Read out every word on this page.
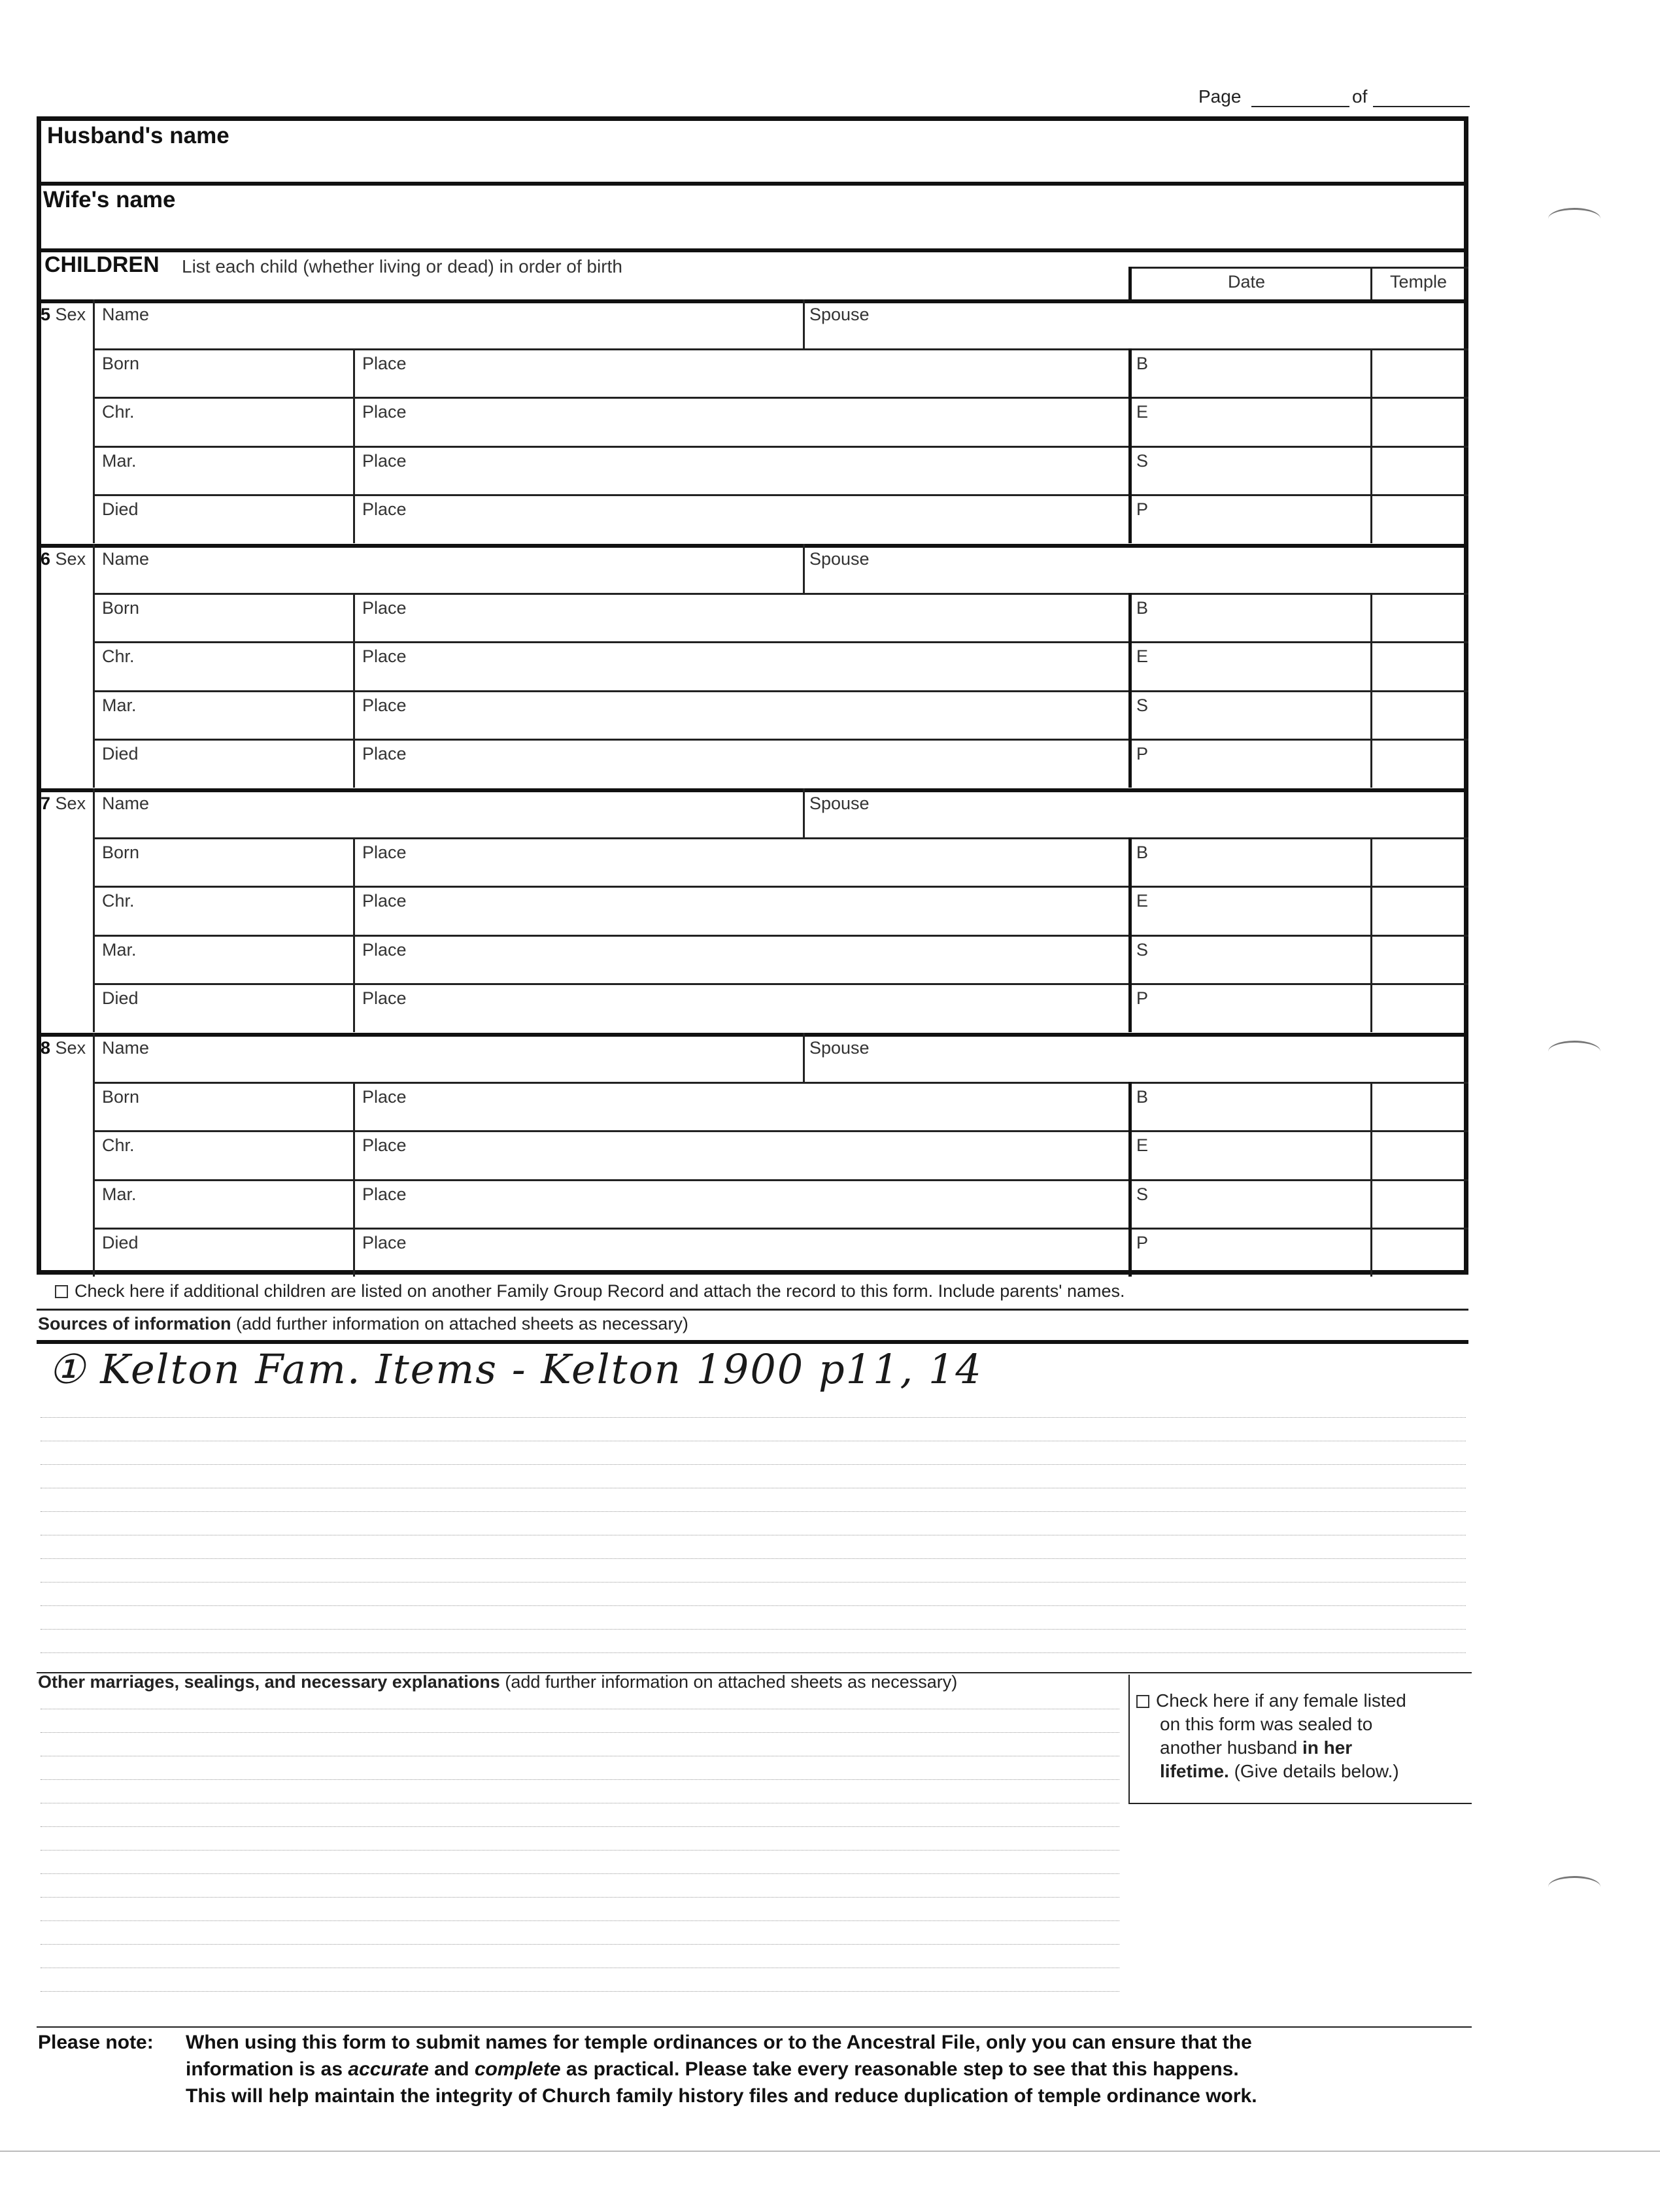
Page	of
Husband's name
Wife's name
CHILDREN List each child (whether living or dead) in order of birth
Date	Temple
5 Sex Name	Spouse
Born	Place	B
Chr.	Place	E
Mar.	Place	S
Died	Place	P
6 Sex Name	Spouse
Born	Place	B
Chr.	Place	E
Mar.	Place	S
Died	Place	P
7 Sex Name	Spouse
Born	Place	B
Chr.	Place	E
Mar.	Place	S
Died	Place	P
8 Sex Name	Spouse
Born	Place	B
Chr.	Place	E
Mar.	Place	S
Died	Place	P
Check here if additional children are listed on another Family Group Record and attach the record to this form. Include parents' names.
Sources of information (add further information on attached sheets as necessary)
① Kelton Fam. Items - Kelton 1900 p11, 14
Other marriages, sealings, and necessary explanations (add further information on attached sheets as necessary)
Check here if any female listed
on this form was sealed to
another husband in her
lifetime. (Give details below.)
Please note: When using this form to submit names for temple ordinances or to the Ancestral File, only you can ensure that the
information is as accurate and complete as practical. Please take every reasonable step to see that this happens.
This will help maintain the integrity of Church family history files and reduce duplication of temple ordinance work.
